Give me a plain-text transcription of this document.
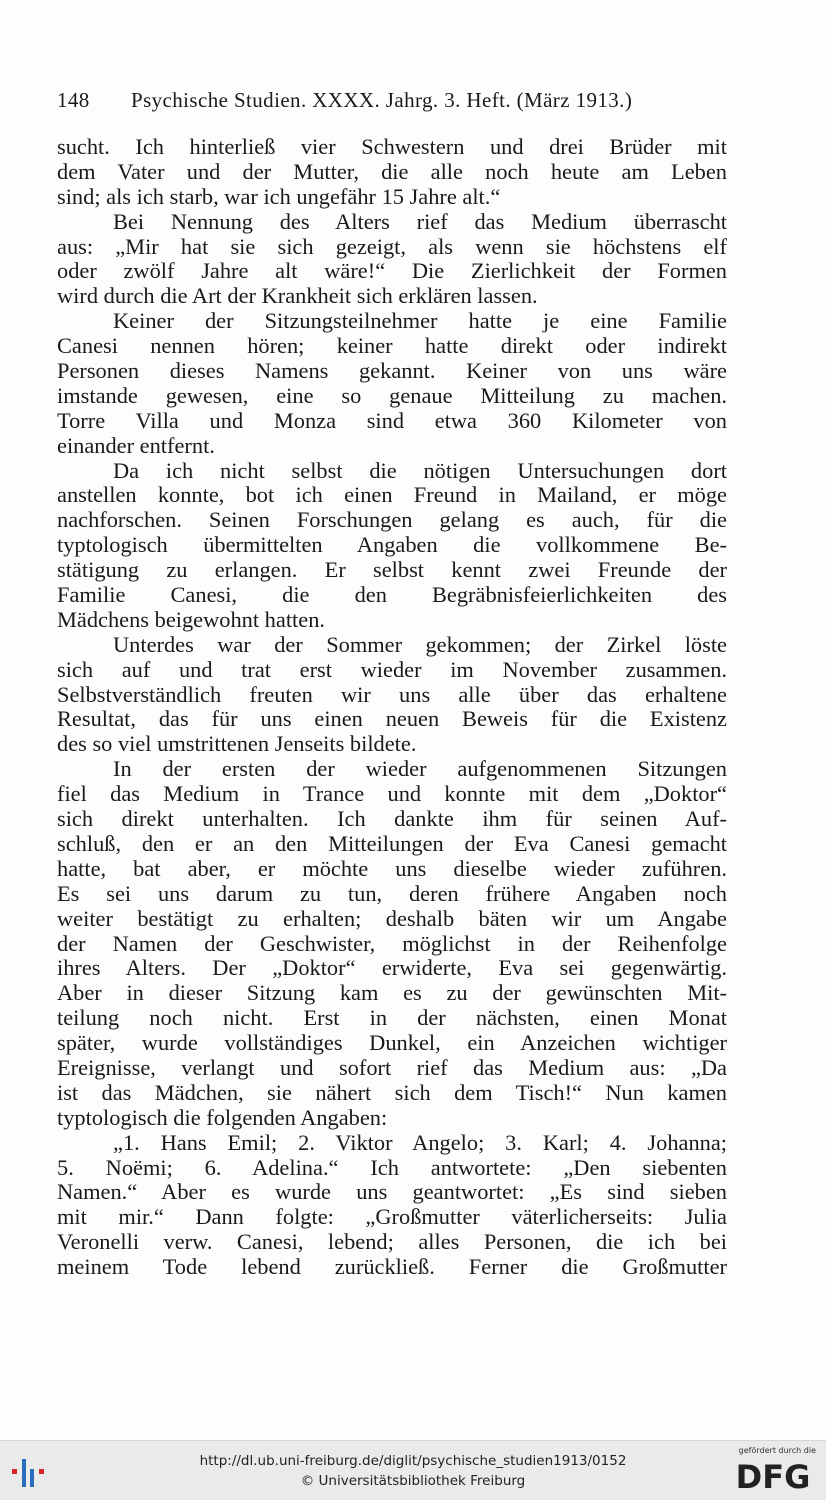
148 Psychische Studien. XXXX. Jahrg. 3. Heft. (März 1913.)
sucht. Ich hinterließ vier Schwestern und drei Brüder mit
dem Vater und der Mutter, die alle noch heute am Leben
sind; als ich starb, war ich ungefähr 15 Jahre alt.“
Bei Nennung des Alters rief das Medium überrascht
aus: „Mir hat sie sich gezeigt, als wenn sie höchstens elf
oder zwölf Jahre alt wäre!“ Die Zierlichkeit der Formen
wird durch die Art der Krankheit sich erklären lassen.
Keiner der Sitzungsteilnehmer hatte je eine Familie
Canesi nennen hören; keiner hatte direkt oder indirekt
Personen dieses Namens gekannt. Keiner von uns wäre
imstande gewesen, eine so genaue Mitteilung zu machen.
Torre Villa und Monza sind etwa 360 Kilometer von
einander entfernt.
Da ich nicht selbst die nötigen Untersuchungen dort
anstellen konnte, bot ich einen Freund in Mailand, er möge
nachforschen. Seinen Forschungen gelang es auch, für die
typtologisch übermittelten Angaben die vollkommene Be-
stätigung zu erlangen. Er selbst kennt zwei Freunde der
Familie Canesi, die den Begräbnisfeierlichkeiten des
Mädchens beigewohnt hatten.
Unterdes war der Sommer gekommen; der Zirkel löste
sich auf und trat erst wieder im November zusammen.
Selbstverständlich freuten wir uns alle über das erhaltene
Resultat, das für uns einen neuen Beweis für die Existenz
des so viel umstrittenen Jenseits bildete.
In der ersten der wieder aufgenommenen Sitzungen
fiel das Medium in Trance und konnte mit dem „Doktor“
sich direkt unterhalten. Ich dankte ihm für seinen Auf-
schluß, den er an den Mitteilungen der Eva Canesi gemacht
hatte, bat aber, er möchte uns dieselbe wieder zuführen.
Es sei uns darum zu tun, deren frühere Angaben noch
weiter bestätigt zu erhalten; deshalb bäten wir um Angabe
der Namen der Geschwister, möglichst in der Reihenfolge
ihres Alters. Der „Doktor“ erwiderte, Eva sei gegenwärtig.
Aber in dieser Sitzung kam es zu der gewünschten Mit-
teilung noch nicht. Erst in der nächsten, einen Monat
später, wurde vollständiges Dunkel, ein Anzeichen wichtiger
Ereignisse, verlangt und sofort rief das Medium aus: „Da
ist das Mädchen, sie nähert sich dem Tisch!“ Nun kamen
typtologisch die folgenden Angaben:
„1. Hans Emil; 2. Viktor Angelo; 3. Karl; 4. Johanna;
5. Noëmi; 6. Adelina.“ Ich antwortete: „Den siebenten
Namen.“ Aber es wurde uns geantwortet: „Es sind sieben
mit mir.“ Dann folgte: „Großmutter väterlicherseits: Julia
Veronelli verw. Canesi, lebend; alles Personen, die ich bei
meinem Tode lebend zurückließ. Ferner die Großmutter
http://dl.ub.uni-freiburg.de/diglit/psychische_studien1913/0152
© Universitätsbibliothek Freiburg
gefördert durch die
DFG
